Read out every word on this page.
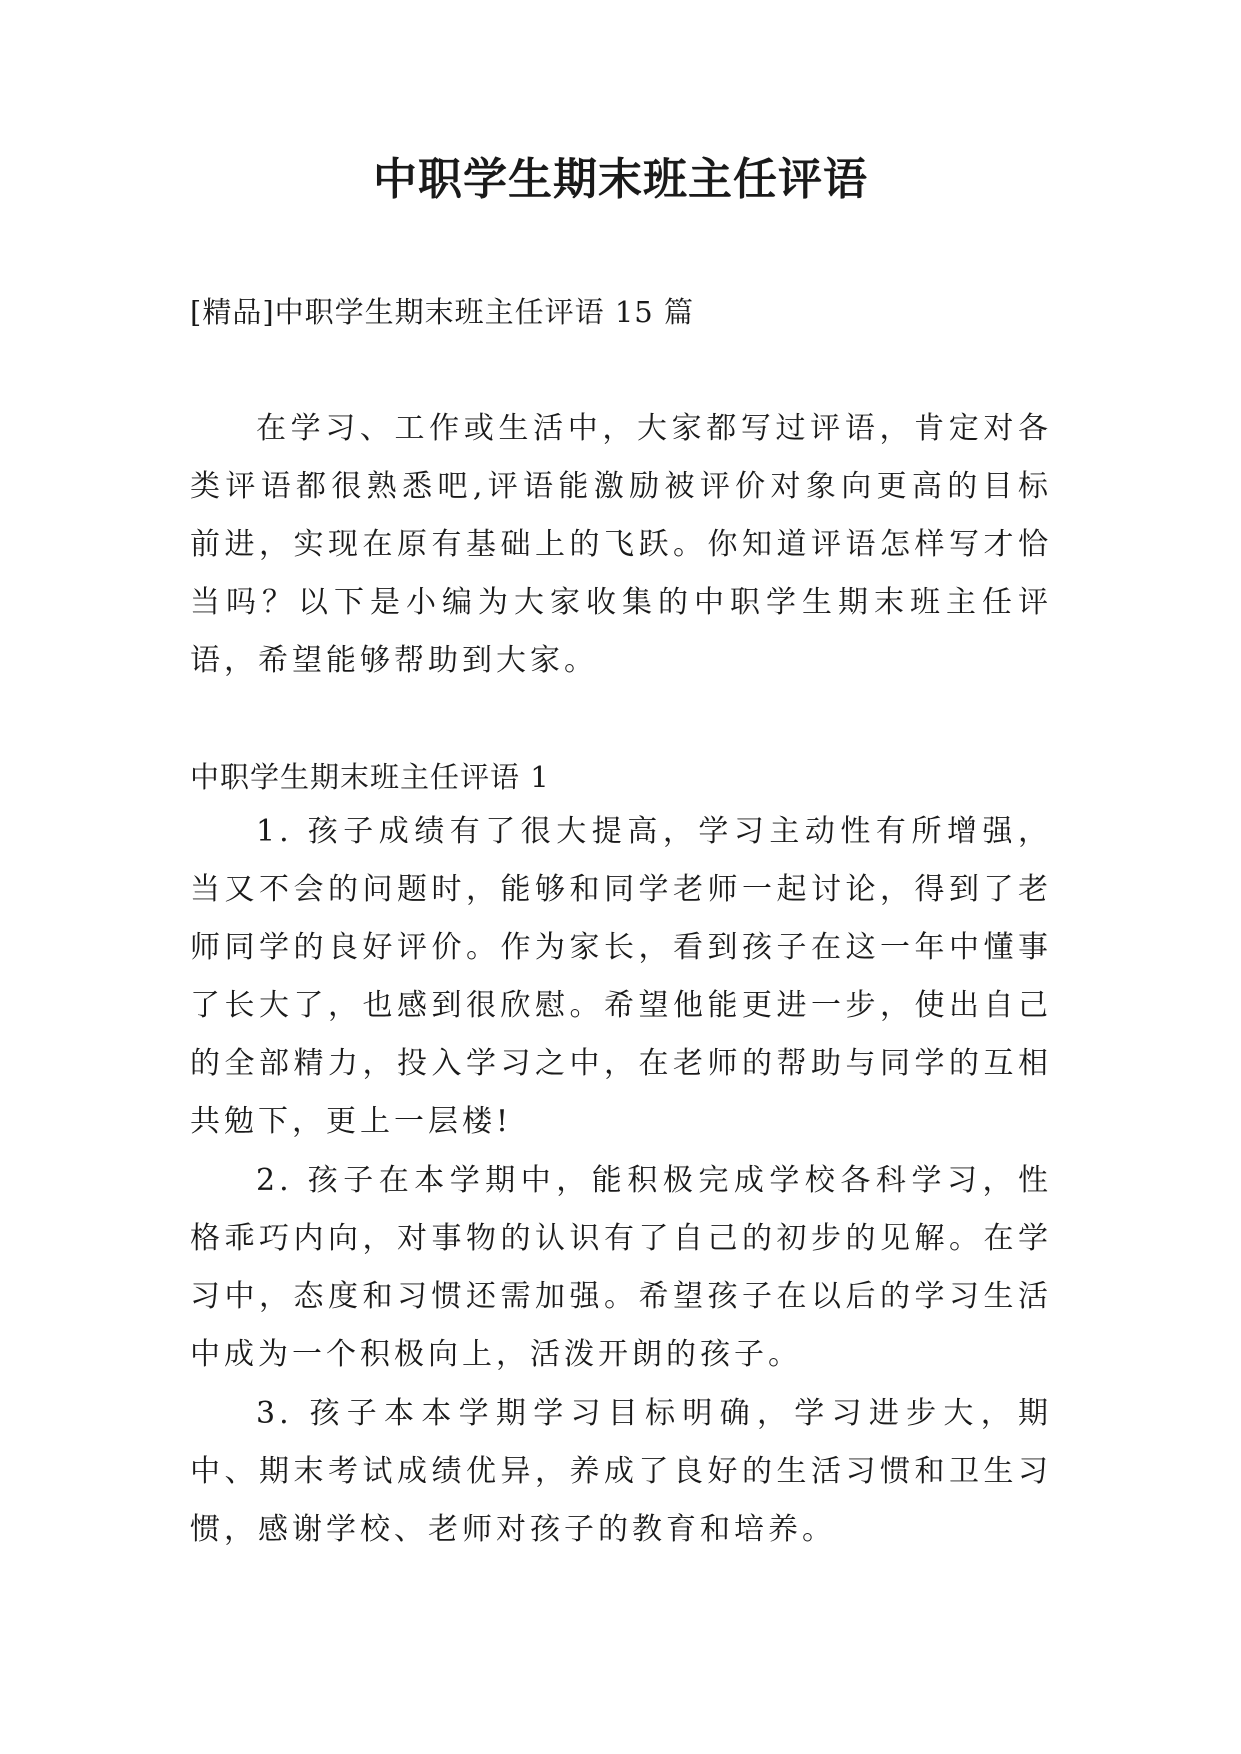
中职学生期末班主任评语
[精品]中职学生期末班主任评语 15 篇

在学习、工作或生活中，大家都写过评语，肯定对各类评语都很熟悉吧,评语能激励被评价对象向更高的目标前进，实现在原有基础上的飞跃。你知道评语怎样写才恰当吗？以下是小编为大家收集的中职学生期末班主任评语，希望能够帮助到大家。

中职学生期末班主任评语 1

1. 孩子成绩有了很大提高，学习主动性有所增强，当又不会的问题时，能够和同学老师一起讨论，得到了老师同学的良好评价。作为家长，看到孩子在这一年中懂事了长大了，也感到很欣慰。希望他能更进一步，使出自己的全部精力，投入学习之中，在老师的帮助与同学的互相共勉下，更上一层楼!

2. 孩子在本学期中，能积极完成学校各科学习，性格乖巧内向，对事物的认识有了自己的初步的见解。在学习中，态度和习惯还需加强。希望孩子在以后的学习生活中成为一个积极向上，活泼开朗的孩子。

3. 孩子本本学期学习目标明确，学习进步大，期中、期末考试成绩优异，养成了良好的生活习惯和卫生习惯，感谢学校、老师对孩子的教育和培养。
